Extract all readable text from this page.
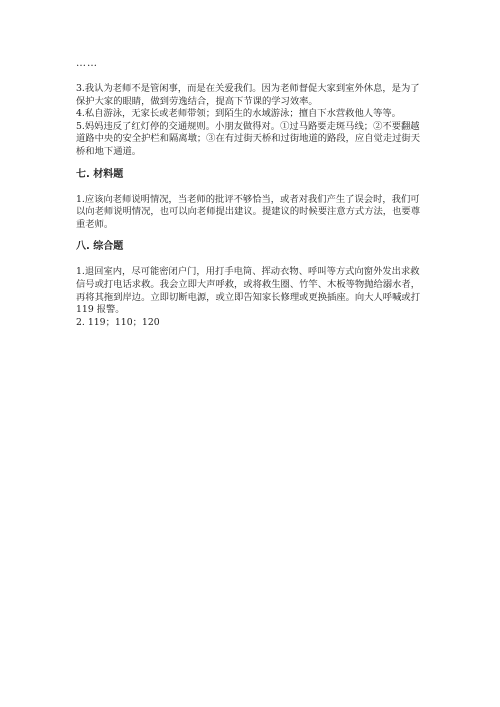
……

3.我认为老师不是管闲事，而是在关爱我们。因为老师督促大家到室外休息，是为了保护大家的眼睛，做到劳逸结合，提高下节课的学习效率。

4.私自游泳，无家长或老师带领；到陌生的水域游泳；擅自下水营救他人等等。

5.妈妈违反了红灯停的交通规则。小朋友做得对。①过马路要走斑马线；②不要翻越道路中央的安全护栏和隔离墩；③在有过街天桥和过街地道的路段，应自觉走过街天桥和地下通道。

七. 材料题

1.应该向老师说明情况，当老师的批评不够恰当，或者对我们产生了误会时，我们可以向老师说明情况，也可以向老师提出建议。提建议的时候要注意方式方法，也要尊重老师。

八. 综合题

1.退回室内，尽可能密闭户门，用打手电筒、挥动衣物、呼叫等方式向窗外发出求救信号或打电话求救。我会立即大声呼救，或将救生圈、竹竿、木板等物抛给溺水者，再将其拖到岸边。立即切断电源，或立即告知家长修理或更换插座。向大人呼喊或打 119 报警。

2. 119；110；120
